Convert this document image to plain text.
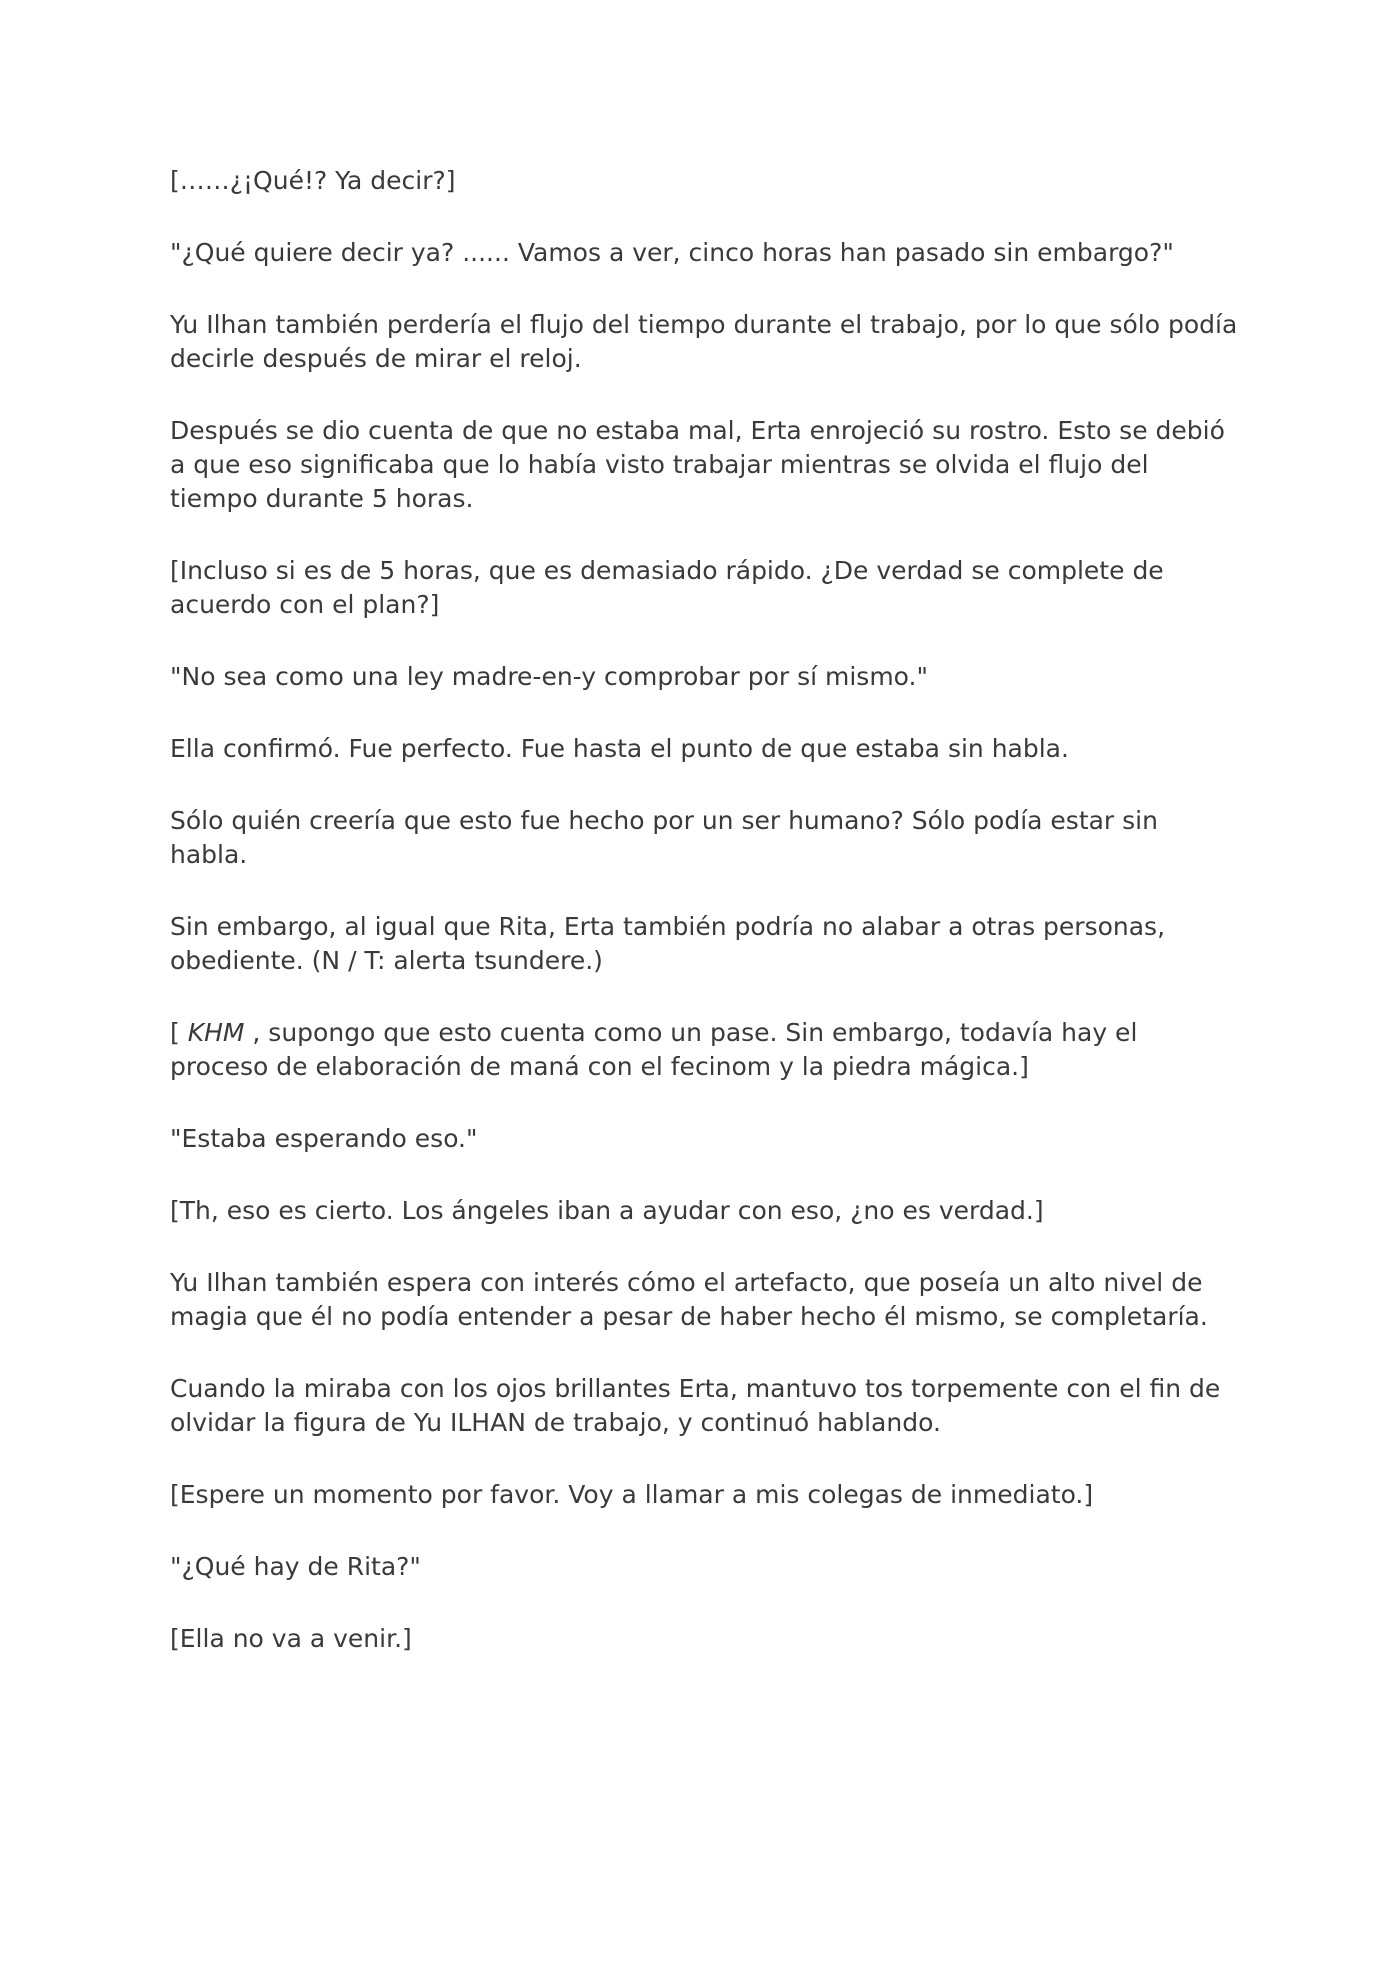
[……¿¡Qué!? Ya decir?]

"¿Qué quiere decir ya? ...... Vamos a ver, cinco horas han pasado sin embargo?"

Yu Ilhan también perdería el flujo del tiempo durante el trabajo, por lo que sólo podía decirle después de mirar el reloj.

Después se dio cuenta de que no estaba mal, Erta enrojeció su rostro. Esto se debió a que eso significaba que lo había visto trabajar mientras se olvida el flujo del tiempo durante 5 horas.

[Incluso si es de 5 horas, que es demasiado rápido. ¿De verdad se complete de acuerdo con el plan?]

"No sea como una ley madre-en-y comprobar por sí mismo."

Ella confirmó. Fue perfecto. Fue hasta el punto de que estaba sin habla.

Sólo quién creería que esto fue hecho por un ser humano? Sólo podía estar sin habla.

Sin embargo, al igual que Rita, Erta también podría no alabar a otras personas, obediente. (N / T: alerta tsundere.)

[ KHM , supongo que esto cuenta como un pase. Sin embargo, todavía hay el proceso de elaboración de maná con el fecinom y la piedra mágica.]

"Estaba esperando eso."

[Th, eso es cierto. Los ángeles iban a ayudar con eso, ¿no es verdad.]

Yu Ilhan también espera con interés cómo el artefacto, que poseía un alto nivel de magia que él no podía entender a pesar de haber hecho él mismo, se completaría.

Cuando la miraba con los ojos brillantes Erta, mantuvo tos torpemente con el fin de olvidar la figura de Yu ILHAN de trabajo, y continuó hablando.

[Espere un momento por favor. Voy a llamar a mis colegas de inmediato.]

"¿Qué hay de Rita?"

[Ella no va a venir.]
